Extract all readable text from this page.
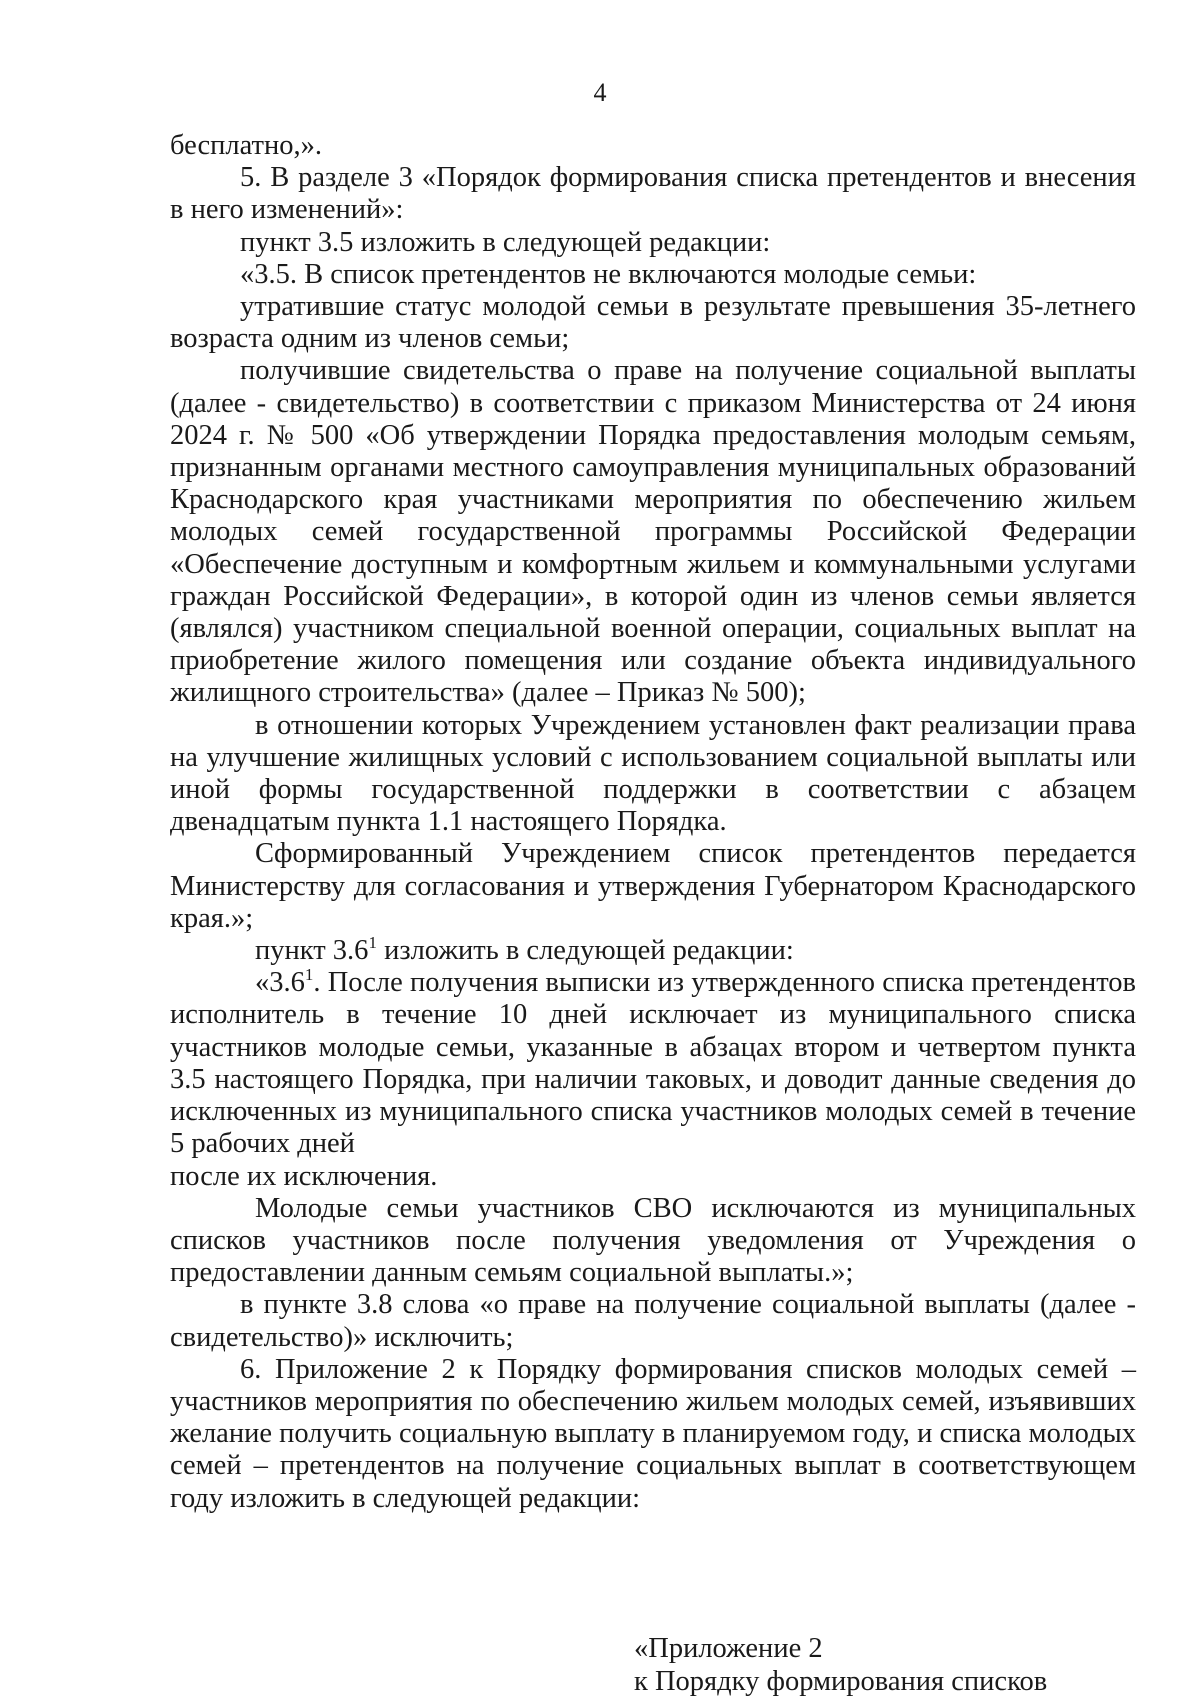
4

бесплатно,».

5. В разделе 3 «Порядок формирования списка претендентов и внесения в него изменений»:

пункт 3.5 изложить в следующей редакции:

«3.5. В список претендентов не включаются молодые семьи:

утратившие статус молодой семьи в результате превышения 35-летнего возраста одним из членов семьи;

получившие свидетельства о праве на получение социальной выплаты (далее - свидетельство) в соответствии с приказом Министерства от 24 июня 2024 г. № 500 «Об утверждении Порядка предоставления молодым семьям, признанным органами местного самоуправления муниципальных образований Краснодарского края участниками мероприятия по обеспечению жильем молодых семей государственной программы Российской Федерации «Обеспечение доступным и комфортным жильем и коммунальными услугами граждан Российской Федерации», в которой один из членов семьи является (являлся) участником специальной военной операции, социальных выплат на приобретение жилого помещения или создание объекта индивидуального жилищного строительства» (далее – Приказ № 500);

в отношении которых Учреждением установлен факт реализации права на улучшение жилищных условий с использованием социальной выплаты или иной формы государственной поддержки в соответствии с абзацем двенадцатым пункта 1.1 настоящего Порядка.

Сформированный Учреждением список претендентов передается Министерству для согласования и утверждения Губернатором Краснодарского края.»;

пункт $3.6^1$ изложить в следующей редакции:

«$3.6^1$. После получения выписки из утвержденного списка претендентов исполнитель в течение 10 дней исключает из муниципального списка участников молодые семьи, указанные в абзацах втором и четвертом пункта 3.5 настоящего Порядка, при наличии таковых, и доводит данные сведения до исключенных из муниципального списка участников молодых семей в течение 5 рабочих дней

после их исключения.

Молодые семьи участников СВО исключаются из муниципальных списков участников после получения уведомления от Учреждения о предоставлении данным семьям социальной выплаты.»;

в пункте 3.8 слова «о праве на получение социальной выплаты (далее - свидетельство)» исключить;

6. Приложение 2 к Порядку формирования списков молодых семей – участников мероприятия по обеспечению жильем молодых семей, изъявивших желание получить социальную выплату в планируемом году, и списка молодых семей – претендентов на получение социальных выплат в соответствующем году изложить в следующей редакции:

«Приложение 2

к Порядку формирования списков
